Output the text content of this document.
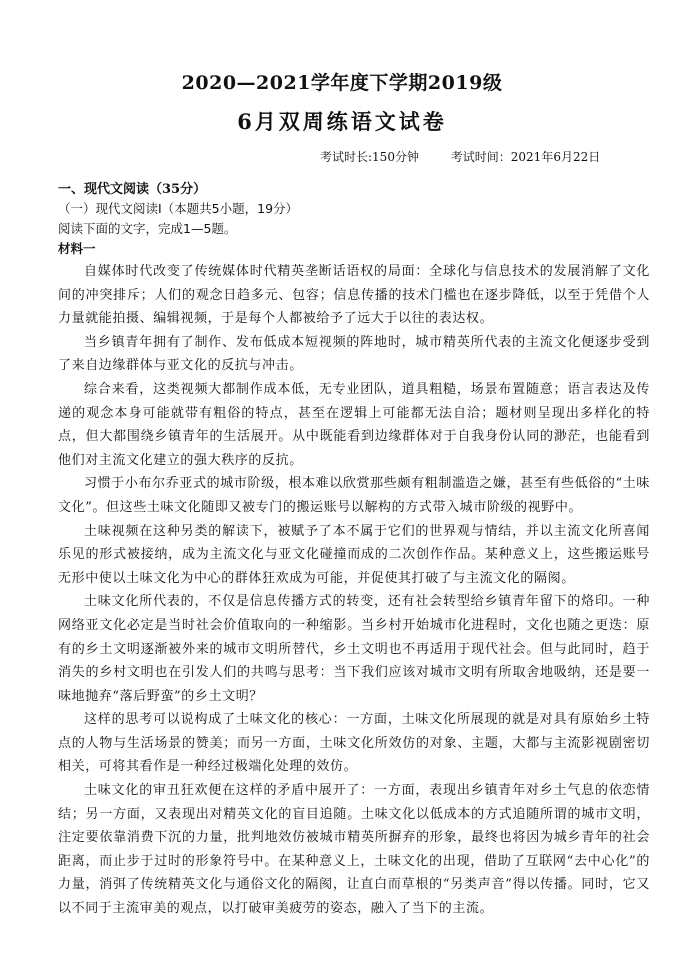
2020—2021学年度下学期2019级
6月双周练语文试卷
考试时长:150分钟	考试时间：2021年6月22日
一、现代文阅读（35分）
（一）现代文阅读Ⅰ（本题共5小题，19分）
阅读下面的文字，完成1—5题。
材料一

自媒体时代改变了传统媒体时代精英垄断话语权的局面：全球化与信息技术的发展消解了文化间的冲突排斥；人们的观念日趋多元、包容；信息传播的技术门槛也在逐步降低，以至于凭借个人力量就能拍摄、编辑视频，于是每个人都被给予了远大于以往的表达权。

当乡镇青年拥有了制作、发布低成本短视频的阵地时，城市精英所代表的主流文化便逐步受到了来自边缘群体与亚文化的反抗与冲击。

综合来看，这类视频大都制作成本低，无专业团队，道具粗糙，场景布置随意；语言表达及传递的观念本身可能就带有粗俗的特点，甚至在逻辑上可能都无法自洽；题材则呈现出多样化的特点，但大都围绕乡镇青年的生活展开。从中既能看到边缘群体对于自我身份认同的渺茫，也能看到他们对主流文化建立的强大秩序的反抗。

习惯于小布尔乔亚式的城市阶级，根本难以欣赏那些颇有粗制滥造之嫌，甚至有些低俗的“土味文化”。但这些土味文化随即又被专门的搬运账号以解构的方式带入城市阶级的视野中。

土味视频在这种另类的解读下，被赋予了本不属于它们的世界观与情结，并以主流文化所喜闻乐见的形式被接纳，成为主流文化与亚文化碰撞而成的二次创作作品。某种意义上，这些搬运账号无形中使以土味文化为中心的群体狂欢成为可能，并促使其打破了与主流文化的隔阂。

土味文化所代表的，不仅是信息传播方式的转变，还有社会转型给乡镇青年留下的烙印。一种网络亚文化必定是当时社会价值取向的一种缩影。当乡村开始城市化进程时，文化也随之更迭：原有的乡土文明逐渐被外来的城市文明所替代，乡土文明也不再适用于现代社会。但与此同时，趋于消失的乡村文明也在引发人们的共鸣与思考：当下我们应该对城市文明有所取舍地吸纳，还是要一味地抛弃“落后野蛮”的乡土文明？

这样的思考可以说构成了土味文化的核心：一方面，土味文化所展现的就是对具有原始乡土特点的人物与生活场景的赞美；而另一方面，土味文化所效仿的对象、主题，大都与主流影视剧密切相关，可将其看作是一种经过极端化处理的效仿。

土味文化的审丑狂欢便在这样的矛盾中展开了：一方面，表现出乡镇青年对乡土气息的依恋情结；另一方面，又表现出对精英文化的盲目追随。土味文化以低成本的方式追随所谓的城市文明，注定要依靠消费下沉的力量，批判地效仿被城市精英所摒弃的形象，最终也将因为城乡青年的社会距离，而止步于过时的形象符号中。在某种意义上，土味文化的出现，借助了互联网“去中心化”的力量，消弭了传统精英文化与通俗文化的隔阂，让直白而草根的“另类声音”得以传播。同时，它又以不同于主流审美的观点，以打破审美疲劳的姿态，融入了当下的主流。
